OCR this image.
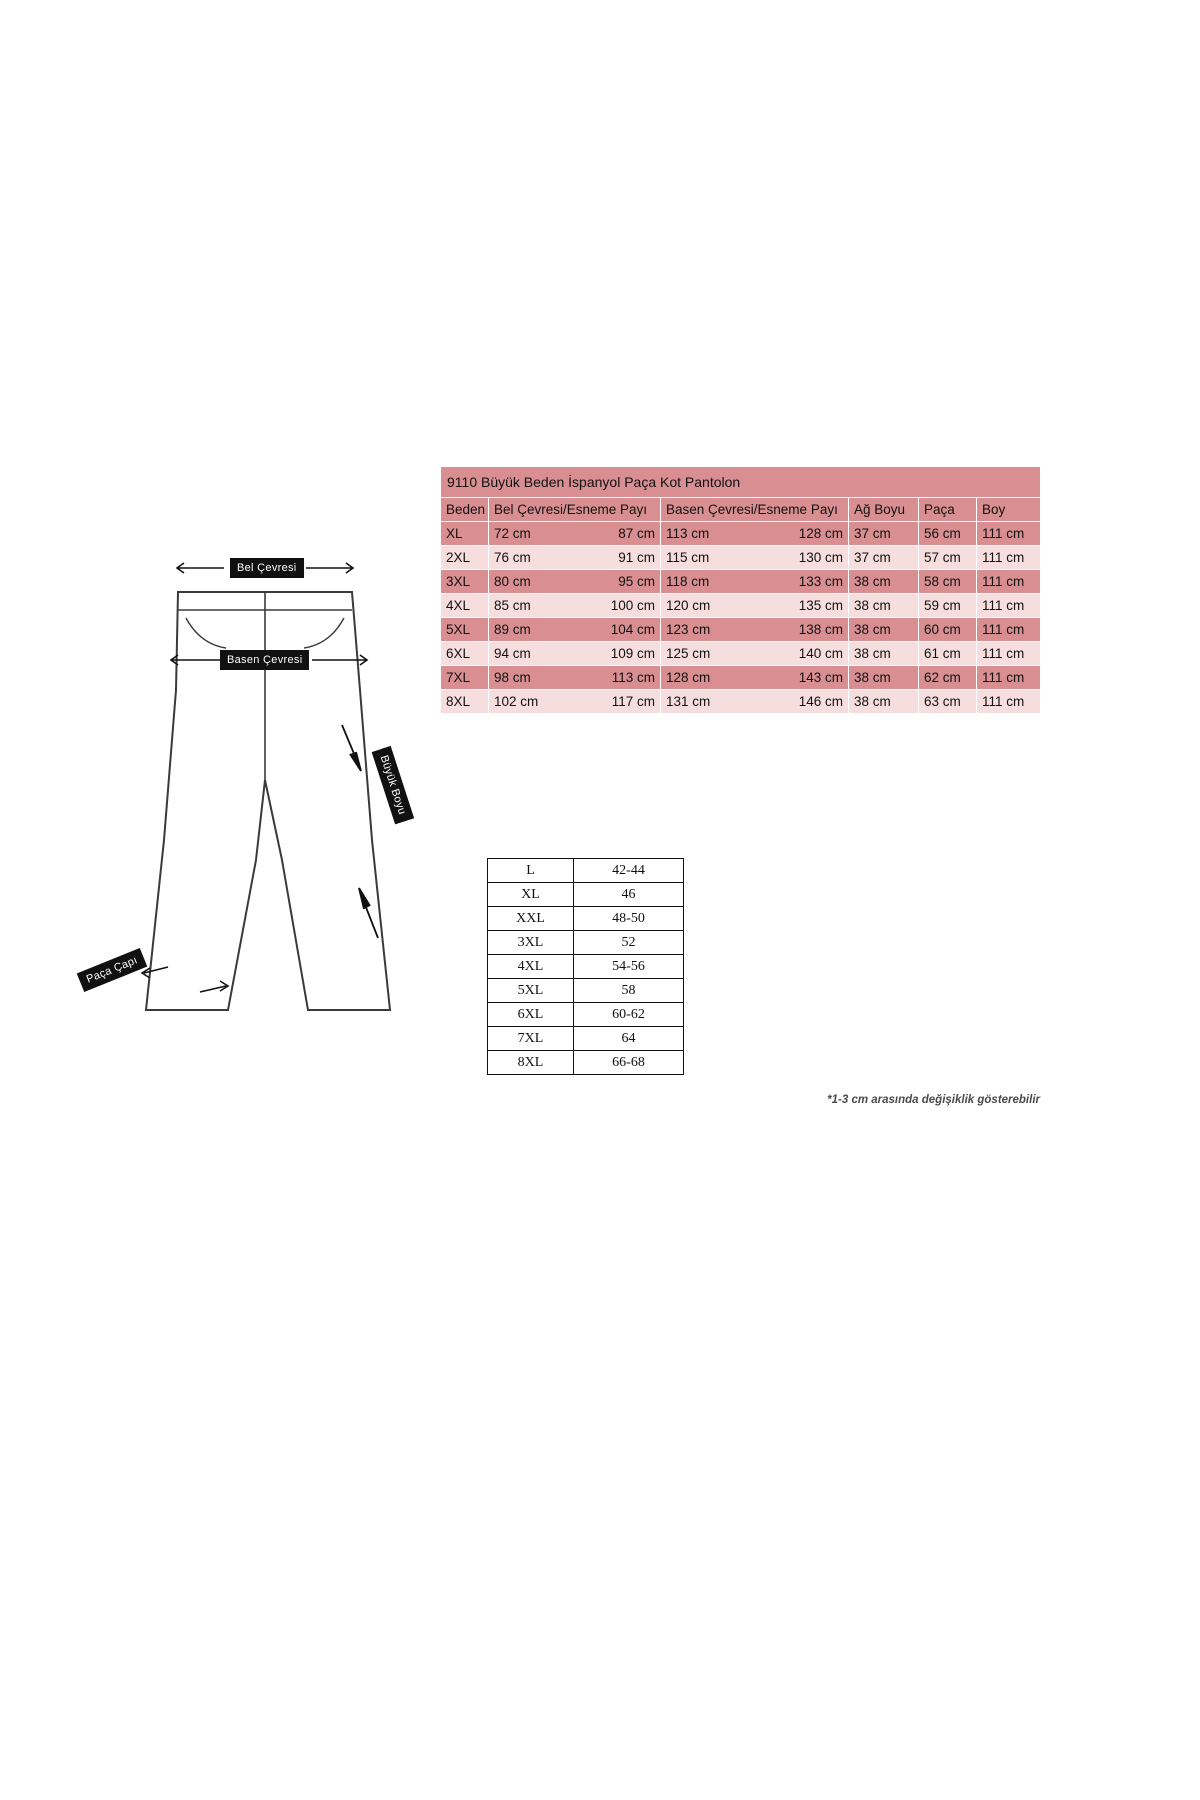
Bel Çevresi
Basen Çevresi
Büyük Boyu
Paça Çapı
9110 Büyük Beden İspanyol Paça Kot Pantolon					
Beden	Bel Çevresi/Esneme Payı	Basen Çevresi/Esneme Payı	Ağ Boyu	Paça	Boy
XL	72 cm 87 cm	113 cm 128 cm	37 cm	56 cm	111 cm
2XL	76 cm 91 cm	115 cm 130 cm	37 cm	57 cm	111 cm
3XL	80 cm 95 cm	118 cm 133 cm	38 cm	58 cm	111 cm
4XL	85 cm 100 cm	120 cm 135 cm	38 cm	59 cm	111 cm
5XL	89 cm 104 cm	123 cm 138 cm	38 cm	60 cm	111 cm
6XL	94 cm 109 cm	125 cm 140 cm	38 cm	61 cm	111 cm
7XL	98 cm 113 cm	128 cm 143 cm	38 cm	62 cm	111 cm
8XL	102 cm 117 cm	131 cm 146 cm	38 cm	63 cm	111 cm
L	42-44
XL	46
XXL	48-50
3XL	52
4XL	54-56
5XL	58
6XL	60-62
7XL	64
8XL	66-68
*1-3 cm arasında değişiklik gösterebilir
